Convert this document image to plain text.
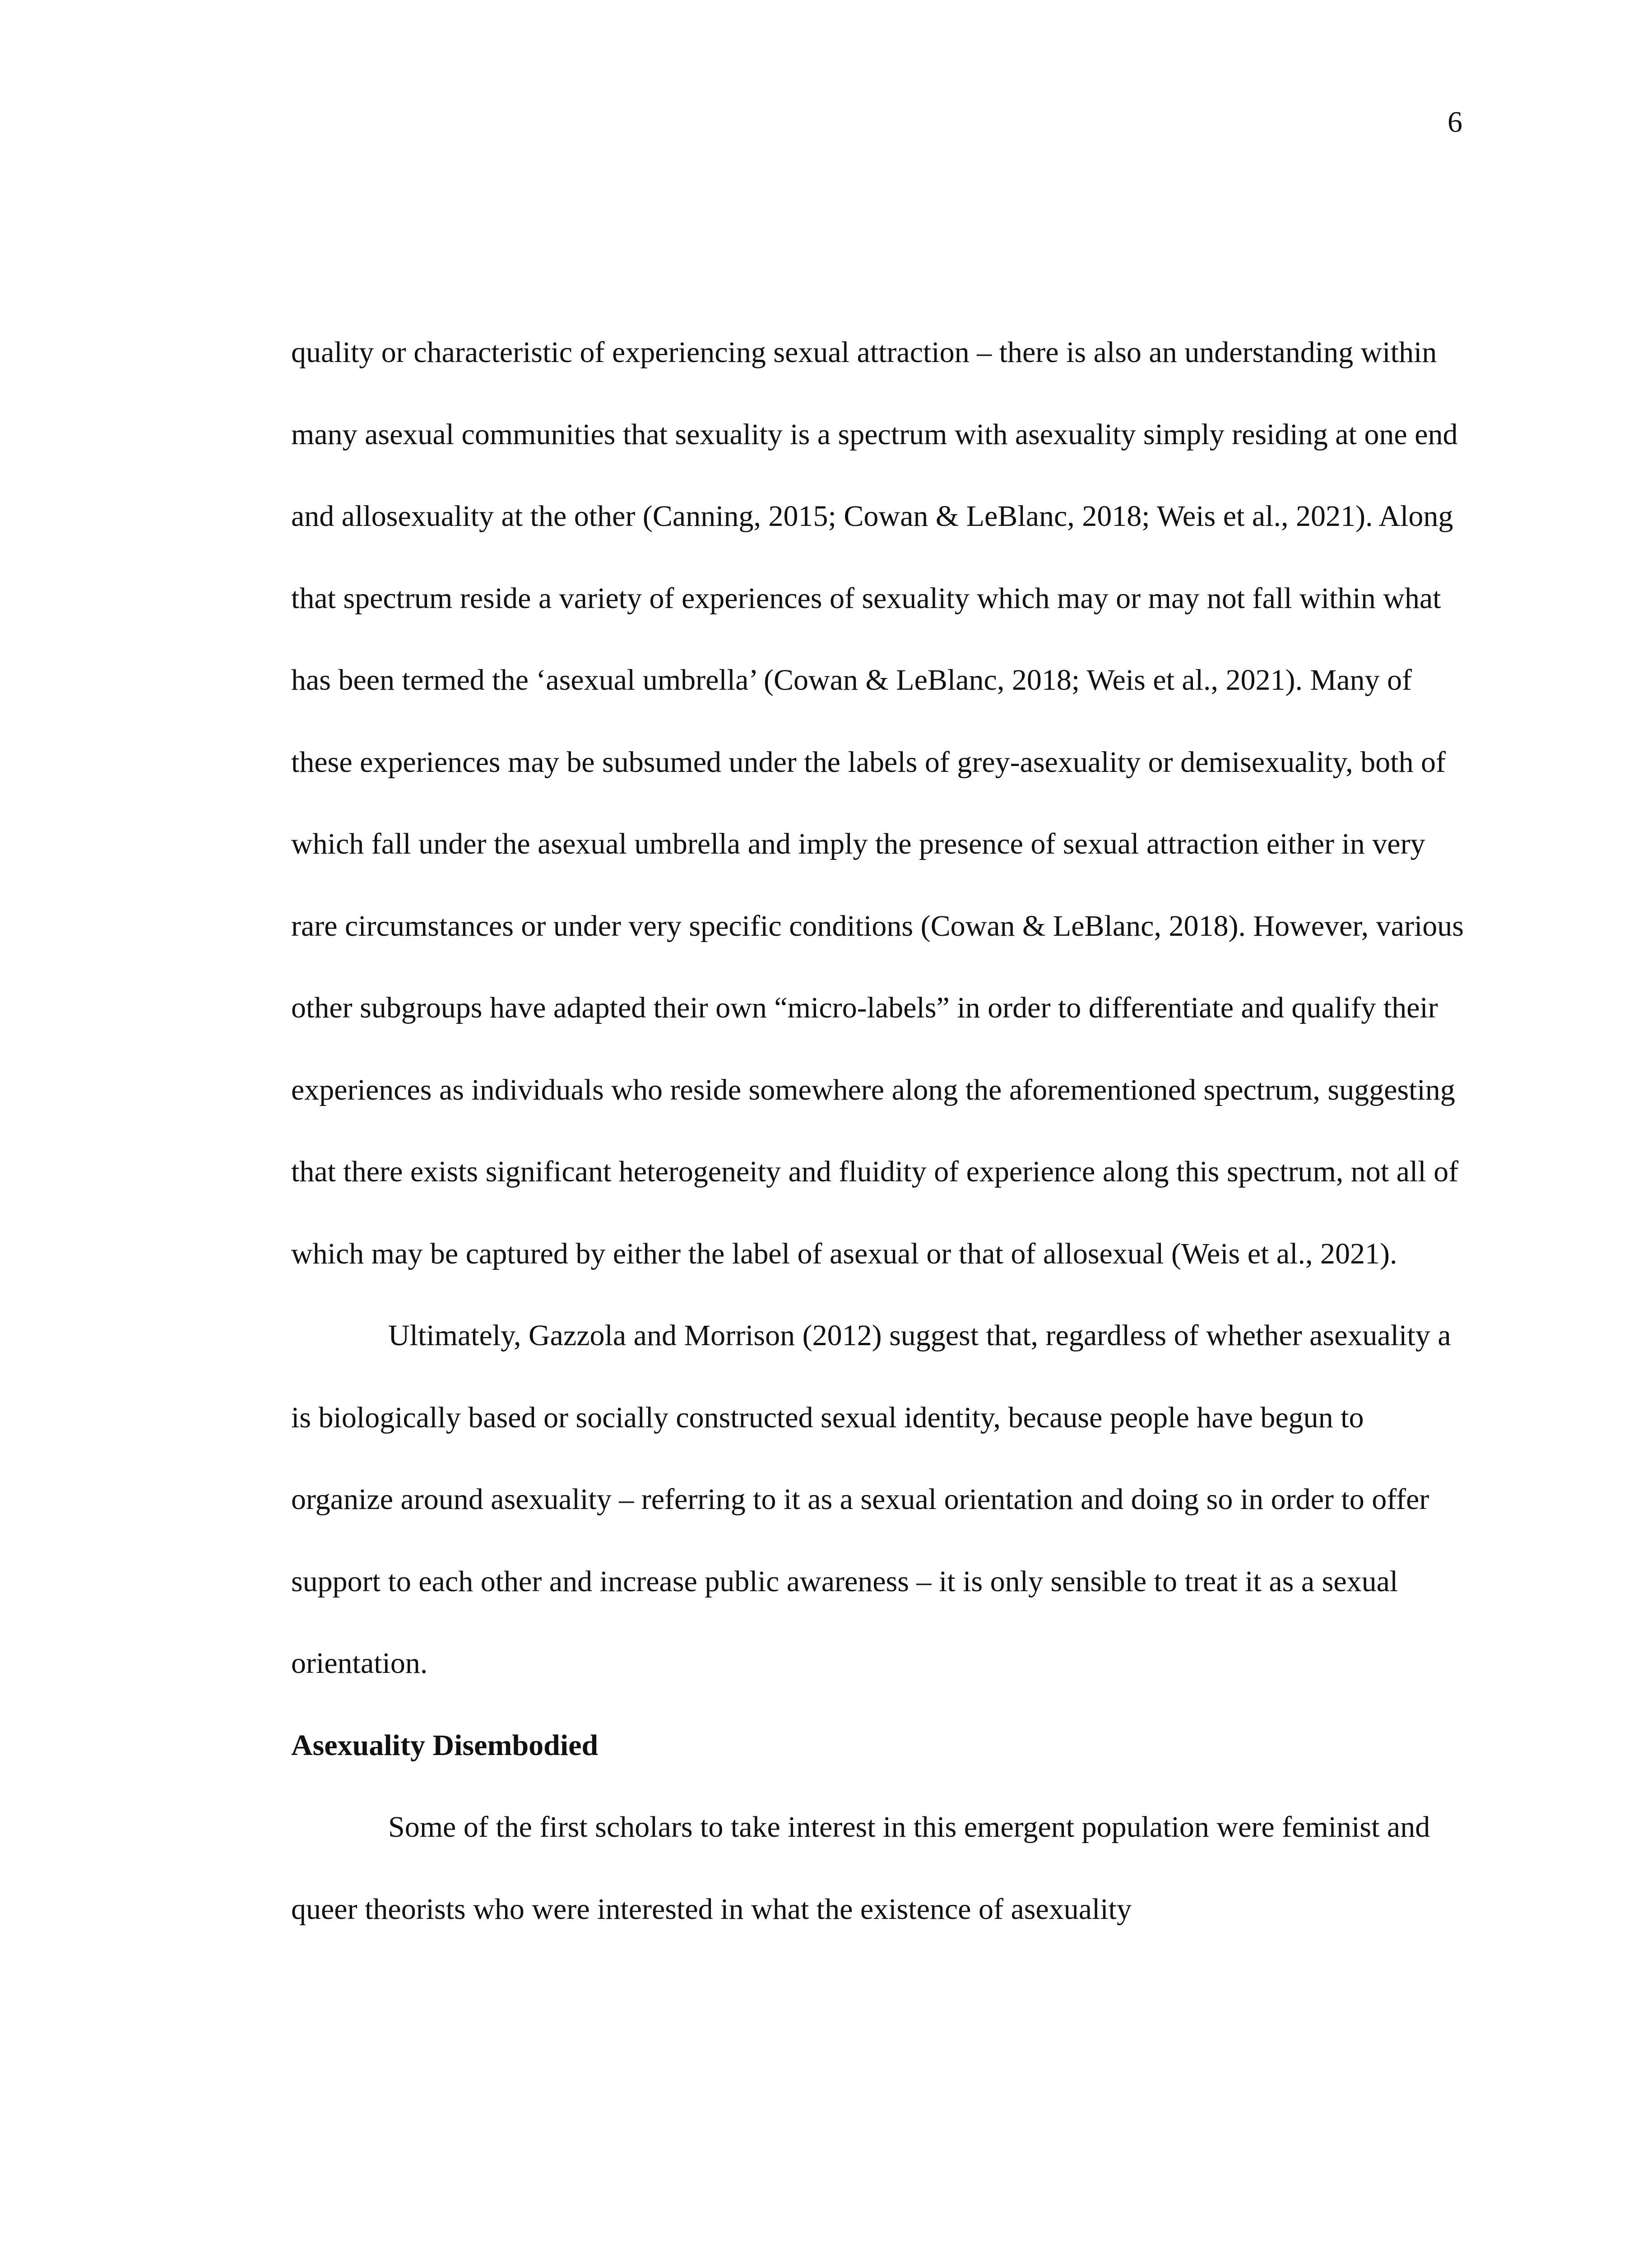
6

quality or characteristic of experiencing sexual attraction – there is also an understanding within many asexual communities that sexuality is a spectrum with asexuality simply residing at one end and allosexuality at the other (Canning, 2015; Cowan & LeBlanc, 2018; Weis et al., 2021). Along that spectrum reside a variety of experiences of sexuality which may or may not fall within what has been termed the ‘asexual umbrella’ (Cowan & LeBlanc, 2018; Weis et al., 2021). Many of these experiences may be subsumed under the labels of grey-asexuality or demisexuality, both of which fall under the asexual umbrella and imply the presence of sexual attraction either in very rare circumstances or under very specific conditions (Cowan & LeBlanc, 2018). However, various other subgroups have adapted their own “micro-labels” in order to differentiate and qualify their experiences as individuals who reside somewhere along the aforementioned spectrum, suggesting that there exists significant heterogeneity and fluidity of experience along this spectrum, not all of which may be captured by either the label of asexual or that of allosexual (Weis et al., 2021).

Ultimately, Gazzola and Morrison (2012) suggest that, regardless of whether asexuality a is biologically based or socially constructed sexual identity, because people have begun to organize around asexuality – referring to it as a sexual orientation and doing so in order to offer support to each other and increase public awareness – it is only sensible to treat it as a sexual orientation.

Asexuality Disembodied

Some of the first scholars to take interest in this emergent population were feminist and queer theorists who were interested in what the existence of asexuality
